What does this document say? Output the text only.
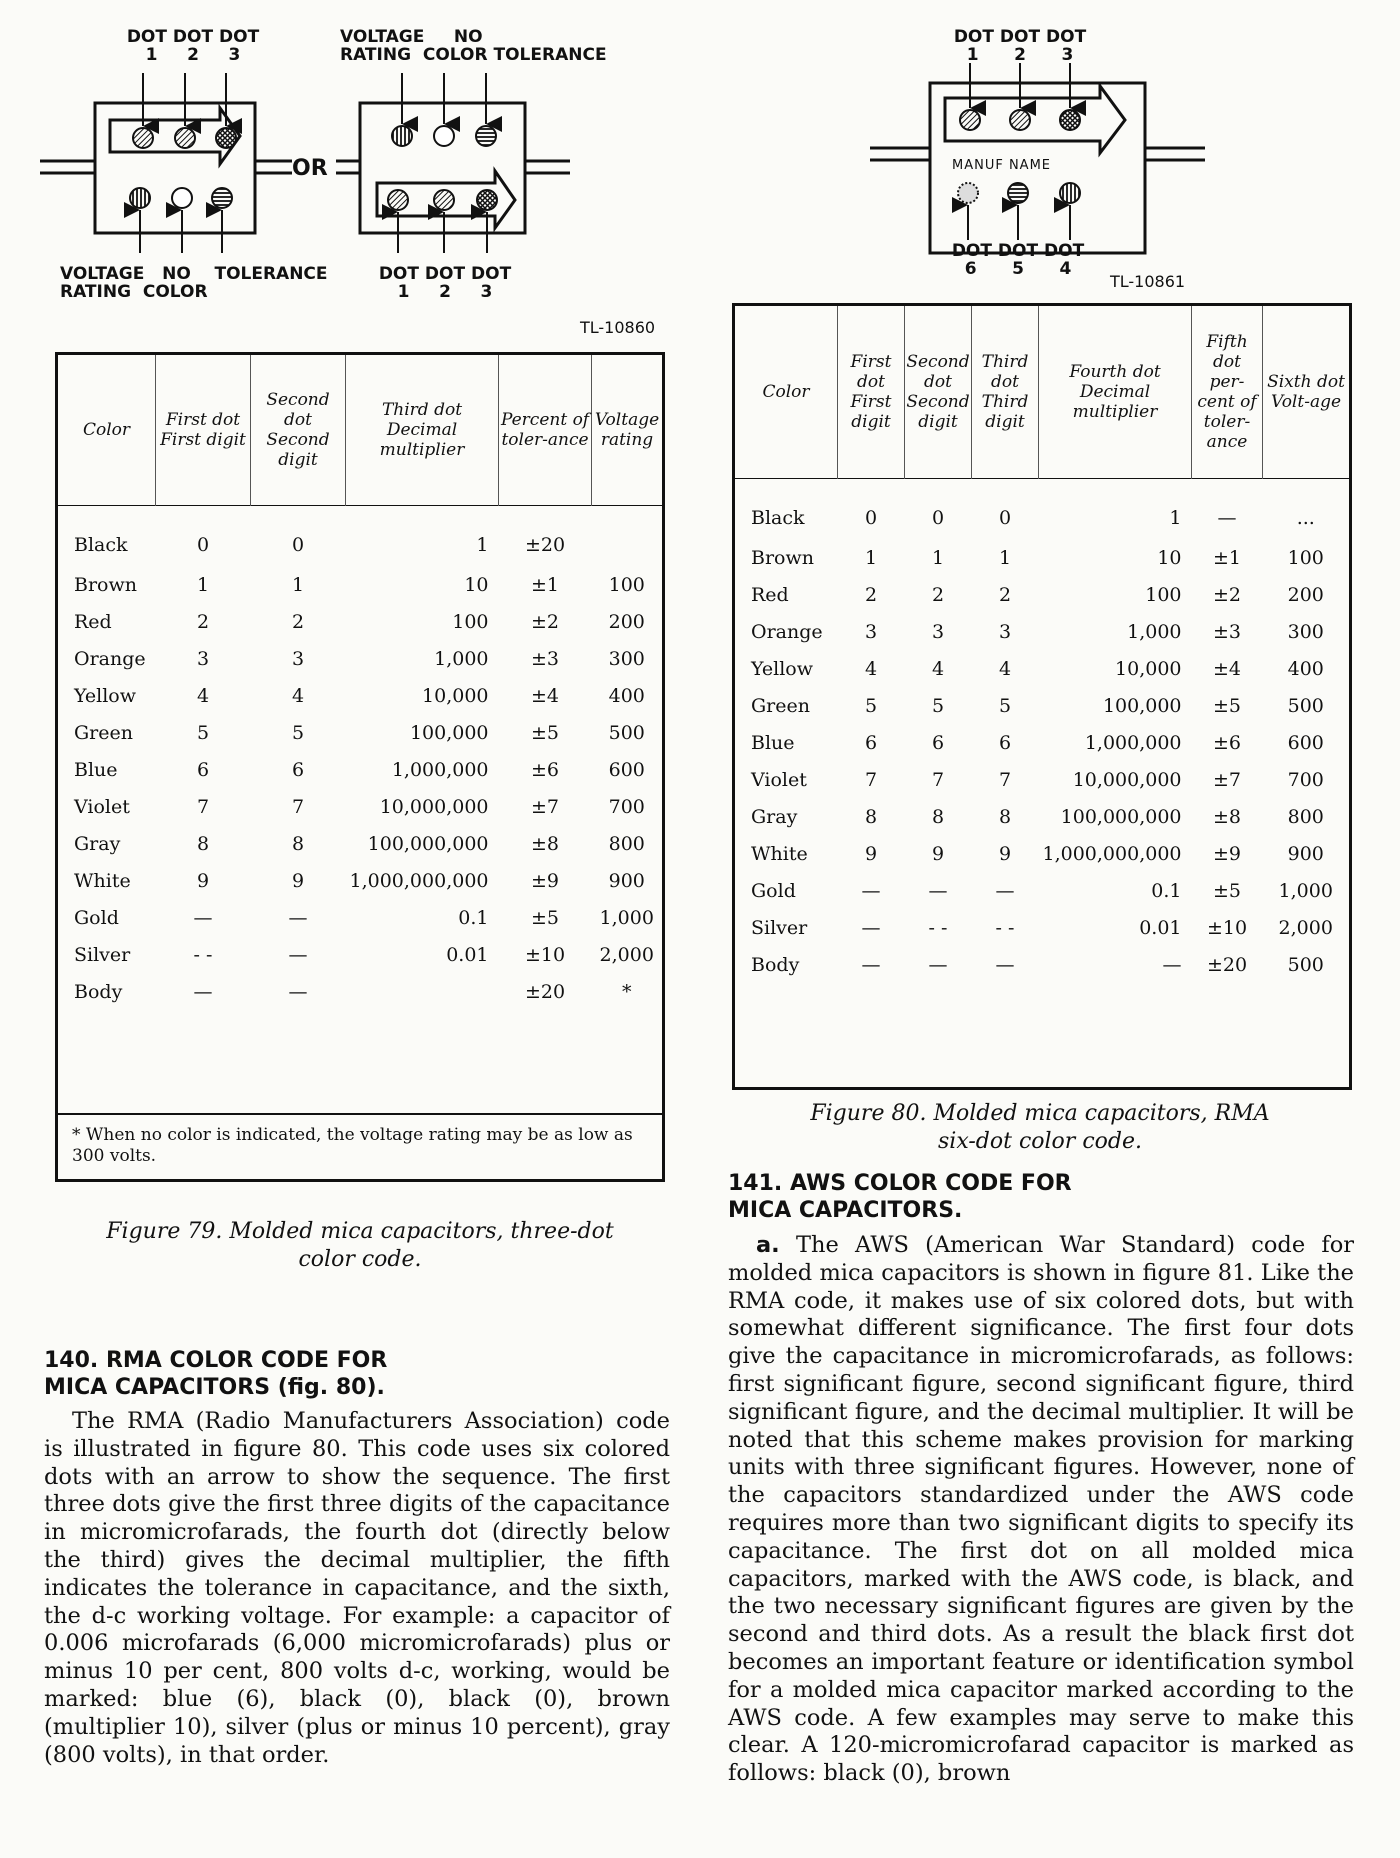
DOT DOT DOT
1 2 3
VOLTAGE NO TOLERANCE
RATING COLOR
OR
VOLTAGE NO
RATING COLOR TOLERANCE
DOT DOT DOT
1 2 3
TL-10860
Color	First dot First digit	Second dot Second digit	Third dot Decimal multiplier	Percent of toler-ance	Voltage rating
Black	0	0	1	±20	
Brown	1	1	10	±1	100
Red	2	2	100	±2	200
Orange	3	3	1,000	±3	300
Yellow	4	4	10,000	±4	400
Green	5	5	100,000	±5	500
Blue	6	6	1,000,000	±6	600
Violet	7	7	10,000,000	±7	700
Gray	8	8	100,000,000	±8	800
White	9	9	1,000,000,000	±9	900
Gold	—	—	0.1	±5	1,000
Silver	- -	—	0.01	±10	2,000
Body	—	—		±20	*
* When no color is indicated, the voltage rating may be as low as 300 volts.
Figure 79. Molded mica capacitors, three-dot
color code.
140. RMA COLOR CODE FOR
MICA CAPACITORS (fig. 80).
The RMA (Radio Manufacturers Association) code is illustrated in figure 80. This code uses six colored dots with an arrow to show the sequence. The first three dots give the first three digits of the capacitance in micromicrofarads, the fourth dot (directly below the third) gives the decimal multiplier, the fifth indicates the tolerance in capacitance, and the sixth, the d-c working voltage. For example: a capacitor of 0.006 microfarads (6,000 micromicrofarads) plus or minus 10 per cent, 800 volts d-c, working, would be marked: blue (6), black (0), black (0), brown (multiplier 10), silver (plus or minus 10 percent), gray (800 volts), in that order.
DOT DOT DOT
1 2 3
MANUF NAME
DOT DOT DOT
6 5 4
TL-10861
Color	First dot First digit	Second dot Second digit	Third dot Third digit	Fourth dot Decimal multiplier	Fifth dot per-cent of toler-ance	Sixth dot Volt-age
Black	0	0	0	1	—	...
Brown	1	1	1	10	±1	100
Red	2	2	2	100	±2	200
Orange	3	3	3	1,000	±3	300
Yellow	4	4	4	10,000	±4	400
Green	5	5	5	100,000	±5	500
Blue	6	6	6	1,000,000	±6	600
Violet	7	7	7	10,000,000	±7	700
Gray	8	8	8	100,000,000	±8	800
White	9	9	9	1,000,000,000	±9	900
Gold	—	—	—	0.1	±5	1,000
Silver	—	- -	- -	0.01	±10	2,000
Body	—	—	—	—	±20	500
Figure 80. Molded mica capacitors, RMA
six-dot color code.
141. AWS COLOR CODE FOR
MICA CAPACITORS.
a. The AWS (American War Standard) code for molded mica capacitors is shown in figure 81. Like the RMA code, it makes use of six colored dots, but with somewhat different significance. The first four dots give the capacitance in micromicrofarads, as follows: first significant figure, second significant figure, third significant figure, and the decimal multiplier. It will be noted that this scheme makes provision for marking units with three significant figures. However, none of the capacitors standardized under the AWS code requires more than two significant digits to specify its capacitance. The first dot on all molded mica capacitors, marked with the AWS code, is black, and the two necessary significant figures are given by the second and third dots. As a result the black first dot becomes an important feature or identification symbol for a molded mica capacitor marked according to the AWS code. A few examples may serve to make this clear. A 120-micromicrofarad capacitor is marked as follows: black (0), brown
